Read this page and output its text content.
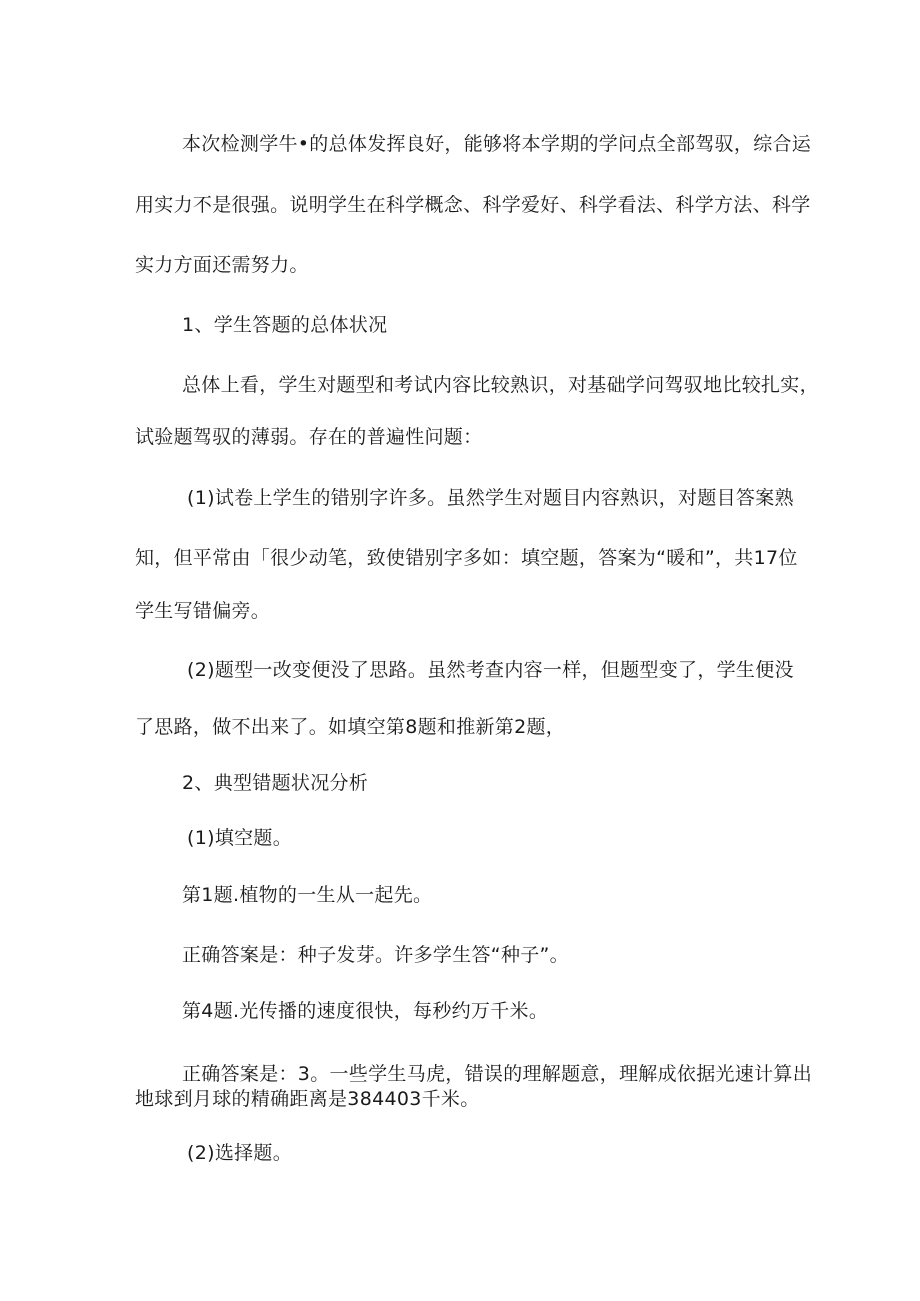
本次检测学牛•的总体发挥良好，能够将本学期的学问点全部驾驭，综合运
用实力不是很强。说明学生在科学概念、科学爱好、科学看法、科学方法、科学
实力方面还需努力。
1、学生答题的总体状况
总体上看，学生对题型和考试内容比较熟识，对基础学问驾驭地比较扎实，
试验题驾驭的薄弱。存在的普遍性问题：
(1)试卷上学生的错别字许多。虽然学生对题目内容熟识，对题目答案熟
知，但平常由「很少动笔，致使错别字多如：填空题，答案为“暖和”，共17位
学生写错偏旁。
(2)题型一改变便没了思路。虽然考查内容一样，但题型变了，学生便没
了思路，做不出来了。如填空第8题和推新第2题，
2、典型错题状况分析
(1)填空题。
第1题.植物的一生从一起先。
正确答案是：种子发芽。许多学生答“种子”。
第4题.光传播的速度很快，每秒约万千米。
正确答案是：3。一些学生马虎，错误的理解题意，理解成依据光速计算出
地球到月球的精确距离是384403千米。
(2)选择题。
